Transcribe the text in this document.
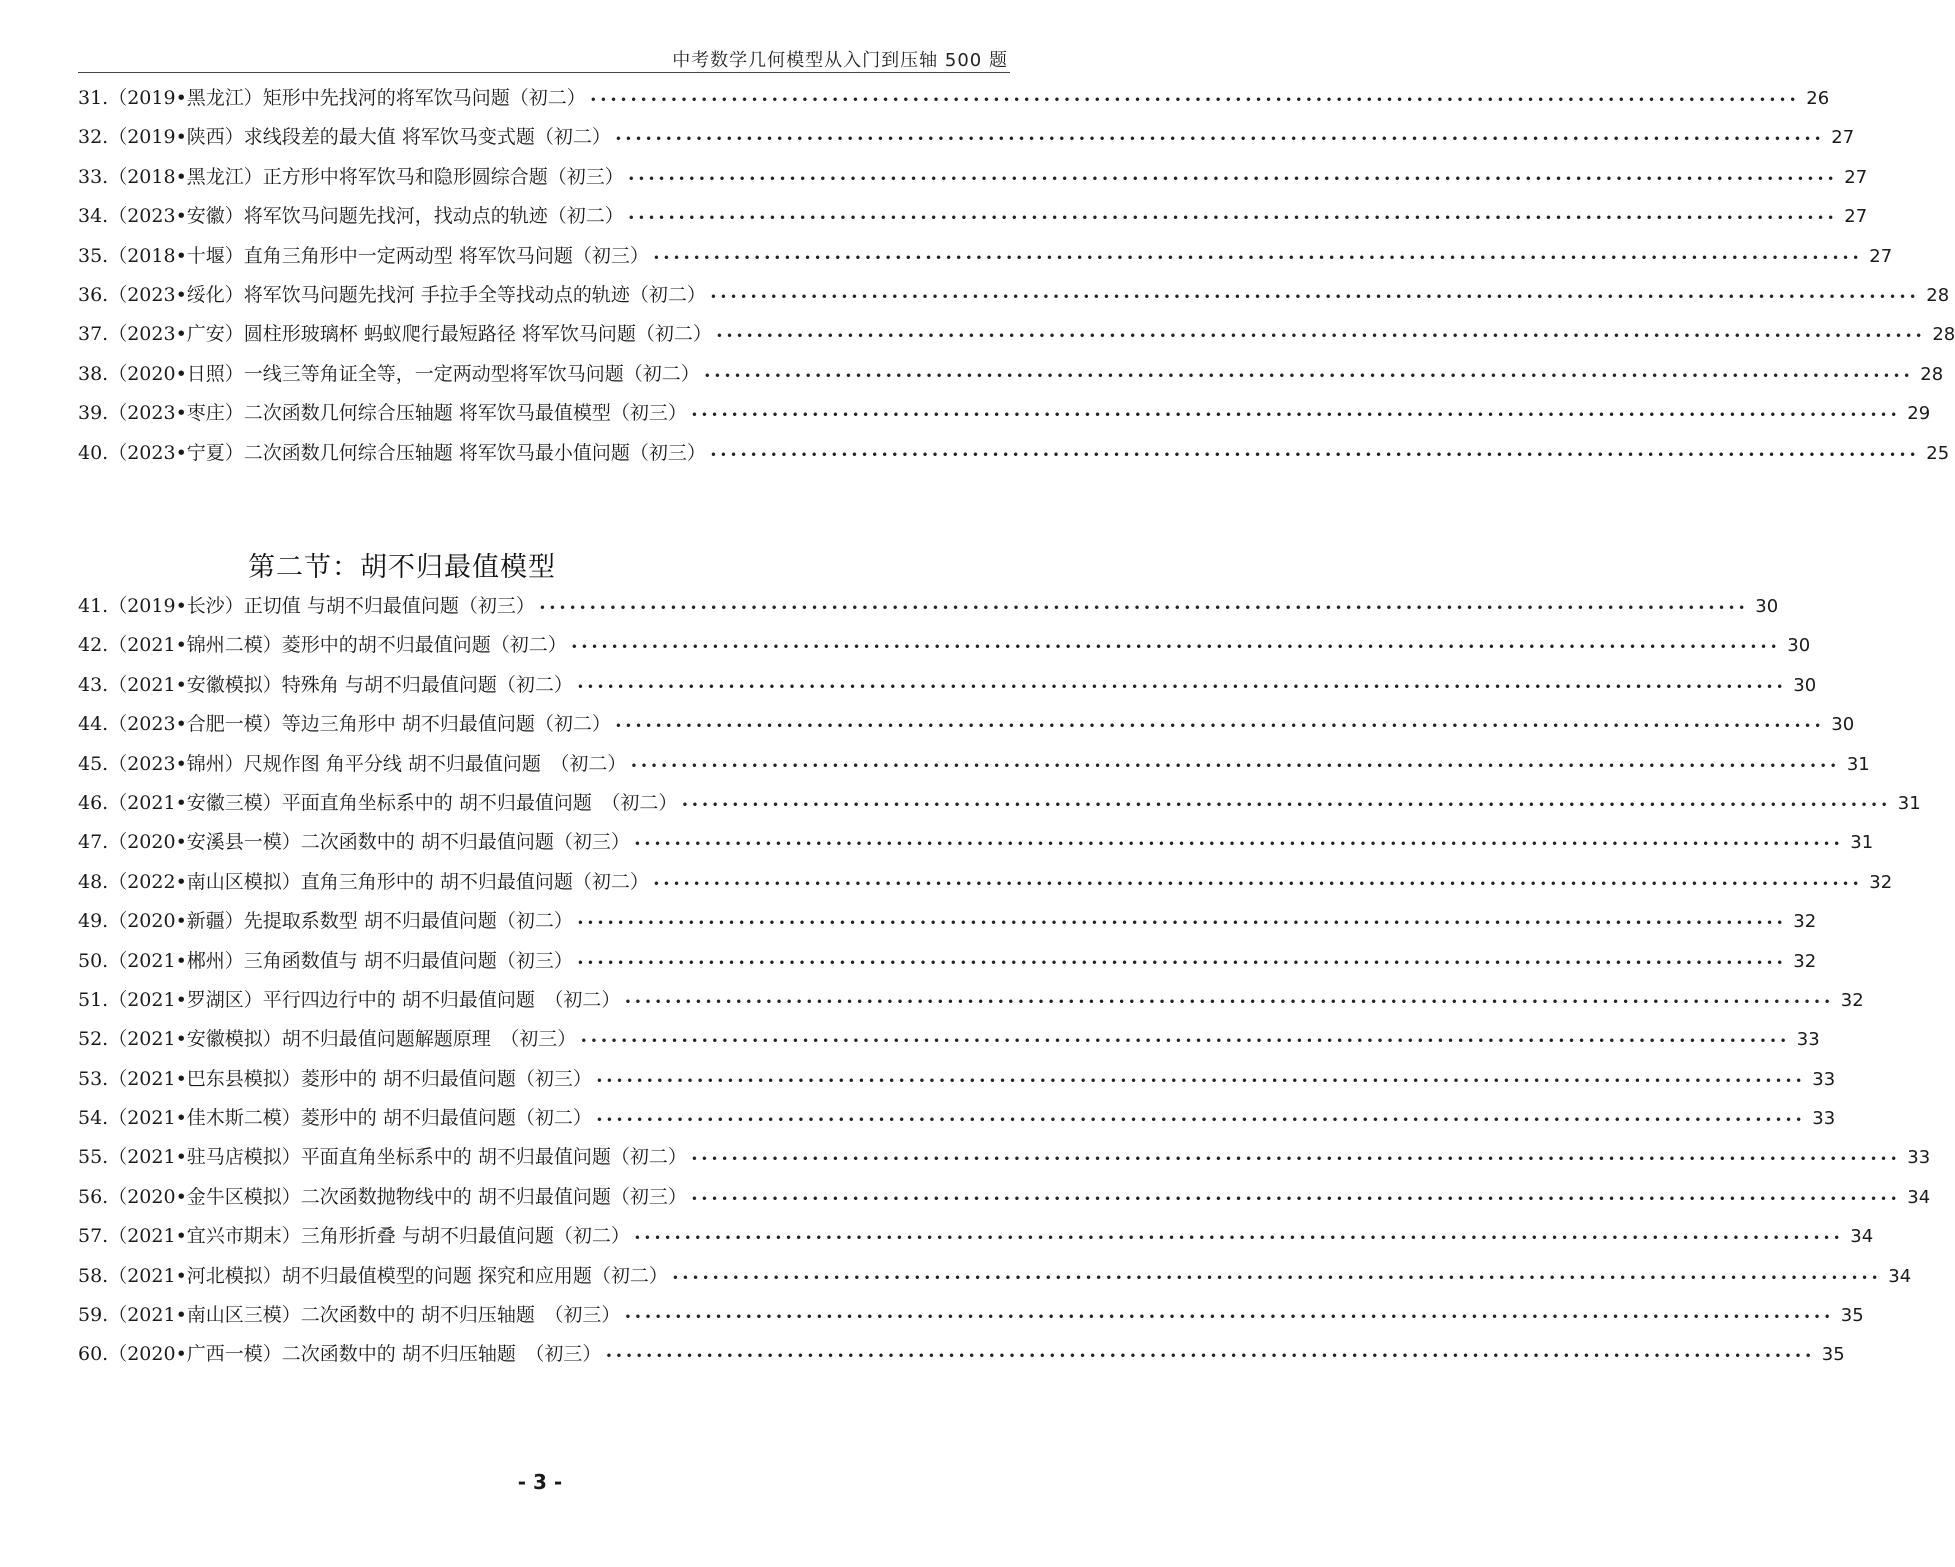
中考数学几何模型从入门到压轴 500 题
31.（2019•黑龙江）矩形中先找河的将军饮马问题（初二） •••••••••••••••••••••••••••••••••••••••••••••••••••••••••••••••••••••••••••••••••••••••••••••••••••••••••••••••••••••••• 26
32.（2019•陕西）求线段差的最大值 将军饮马变式题（初二） •••••••••••••••••••••••••••••••••••••••••••••••••••••••••••••••••••••••••••••••••••••••••••••••••••••••••••••••••••••••• 27
33.（2018•黑龙江）正方形中将军饮马和隐形圆综合题（初三） •••••••••••••••••••••••••••••••••••••••••••••••••••••••••••••••••••••••••••••••••••••••••••••••••••••••••••••••••••••••• 27
34.（2023•安徽）将军饮马问题先找河，找动点的轨迹（初二） •••••••••••••••••••••••••••••••••••••••••••••••••••••••••••••••••••••••••••••••••••••••••••••••••••••••••••••••••••••••• 27
35.（2018•十堰）直角三角形中一定两动型 将军饮马问题（初三） •••••••••••••••••••••••••••••••••••••••••••••••••••••••••••••••••••••••••••••••••••••••••••••••••••••••••••••••••••••••• 27
36.（2023•绥化）将军饮马问题先找河 手拉手全等找动点的轨迹（初二） •••••••••••••••••••••••••••••••••••••••••••••••••••••••••••••••••••••••••••••••••••••••••••••••••••••••••••••••••••••••• 28
37.（2023•广安）圆柱形玻璃杯 蚂蚁爬行最短路径 将军饮马问题（初二） •••••••••••••••••••••••••••••••••••••••••••••••••••••••••••••••••••••••••••••••••••••••••••••••••••••••••••••••••••••••• 28
38.（2020•日照）一线三等角证全等，一定两动型将军饮马问题（初二） •••••••••••••••••••••••••••••••••••••••••••••••••••••••••••••••••••••••••••••••••••••••••••••••••••••••••••••••••••••••• 28
39.（2023•枣庄）二次函数几何综合压轴题 将军饮马最值模型（初三） •••••••••••••••••••••••••••••••••••••••••••••••••••••••••••••••••••••••••••••••••••••••••••••••••••••••••••••••••••••••• 29
40.（2023•宁夏）二次函数几何综合压轴题 将军饮马最小值问题（初三） •••••••••••••••••••••••••••••••••••••••••••••••••••••••••••••••••••••••••••••••••••••••••••••••••••••••••••••••••••••••• 25
第二节：胡不归最值模型
41.（2019•长沙）正切值 与胡不归最值问题（初三） •••••••••••••••••••••••••••••••••••••••••••••••••••••••••••••••••••••••••••••••••••••••••••••••••••••••••••••••••••••••• 30
42.（2021•锦州二模）菱形中的胡不归最值问题（初二） •••••••••••••••••••••••••••••••••••••••••••••••••••••••••••••••••••••••••••••••••••••••••••••••••••••••••••••••••••••••• 30
43.（2021•安徽模拟）特殊角 与胡不归最值问题（初二） •••••••••••••••••••••••••••••••••••••••••••••••••••••••••••••••••••••••••••••••••••••••••••••••••••••••••••••••••••••••• 30
44.（2023•合肥一模）等边三角形中 胡不归最值问题（初二） •••••••••••••••••••••••••••••••••••••••••••••••••••••••••••••••••••••••••••••••••••••••••••••••••••••••••••••••••••••••• 30
45.（2023•锦州）尺规作图 角平分线 胡不归最值问题　（初二） •••••••••••••••••••••••••••••••••••••••••••••••••••••••••••••••••••••••••••••••••••••••••••••••••••••••••••••••••••••••• 31
46.（2021•安徽三模）平面直角坐标系中的 胡不归最值问题　（初二） •••••••••••••••••••••••••••••••••••••••••••••••••••••••••••••••••••••••••••••••••••••••••••••••••••••••••••••••••••••••• 31
47.（2020•安溪县一模）二次函数中的 胡不归最值问题（初三） •••••••••••••••••••••••••••••••••••••••••••••••••••••••••••••••••••••••••••••••••••••••••••••••••••••••••••••••••••••••• 31
48.（2022•南山区模拟）直角三角形中的 胡不归最值问题（初二） •••••••••••••••••••••••••••••••••••••••••••••••••••••••••••••••••••••••••••••••••••••••••••••••••••••••••••••••••••••••• 32
49.（2020•新疆）先提取系数型 胡不归最值问题（初二） •••••••••••••••••••••••••••••••••••••••••••••••••••••••••••••••••••••••••••••••••••••••••••••••••••••••••••••••••••••••• 32
50.（2021•郴州）三角函数值与 胡不归最值问题（初三） •••••••••••••••••••••••••••••••••••••••••••••••••••••••••••••••••••••••••••••••••••••••••••••••••••••••••••••••••••••••• 32
51.（2021•罗湖区）平行四边行中的 胡不归最值问题　（初二） •••••••••••••••••••••••••••••••••••••••••••••••••••••••••••••••••••••••••••••••••••••••••••••••••••••••••••••••••••••••• 32
52.（2021•安徽模拟）胡不归最值问题解题原理　（初三） •••••••••••••••••••••••••••••••••••••••••••••••••••••••••••••••••••••••••••••••••••••••••••••••••••••••••••••••••••••••• 33
53.（2021•巴东县模拟）菱形中的 胡不归最值问题（初三） •••••••••••••••••••••••••••••••••••••••••••••••••••••••••••••••••••••••••••••••••••••••••••••••••••••••••••••••••••••••• 33
54.（2021•佳木斯二模）菱形中的 胡不归最值问题（初二） •••••••••••••••••••••••••••••••••••••••••••••••••••••••••••••••••••••••••••••••••••••••••••••••••••••••••••••••••••••••• 33
55.（2021•驻马店模拟）平面直角坐标系中的 胡不归最值问题（初二） •••••••••••••••••••••••••••••••••••••••••••••••••••••••••••••••••••••••••••••••••••••••••••••••••••••••••••••••••••••••• 33
56.（2020•金牛区模拟）二次函数抛物线中的 胡不归最值问题（初三） •••••••••••••••••••••••••••••••••••••••••••••••••••••••••••••••••••••••••••••••••••••••••••••••••••••••••••••••••••••••• 34
57.（2021•宜兴市期末）三角形折叠 与胡不归最值问题（初二） •••••••••••••••••••••••••••••••••••••••••••••••••••••••••••••••••••••••••••••••••••••••••••••••••••••••••••••••••••••••• 34
58.（2021•河北模拟）胡不归最值模型的问题 探究和应用题（初二） •••••••••••••••••••••••••••••••••••••••••••••••••••••••••••••••••••••••••••••••••••••••••••••••••••••••••••••••••••••••• 34
59.（2021•南山区三模）二次函数中的 胡不归压轴题　（初三） •••••••••••••••••••••••••••••••••••••••••••••••••••••••••••••••••••••••••••••••••••••••••••••••••••••••••••••••••••••••• 35
60.（2020•广西一模）二次函数中的 胡不归压轴题　（初三） •••••••••••••••••••••••••••••••••••••••••••••••••••••••••••••••••••••••••••••••••••••••••••••••••••••••••••••••••••••••• 35
- 3 -
